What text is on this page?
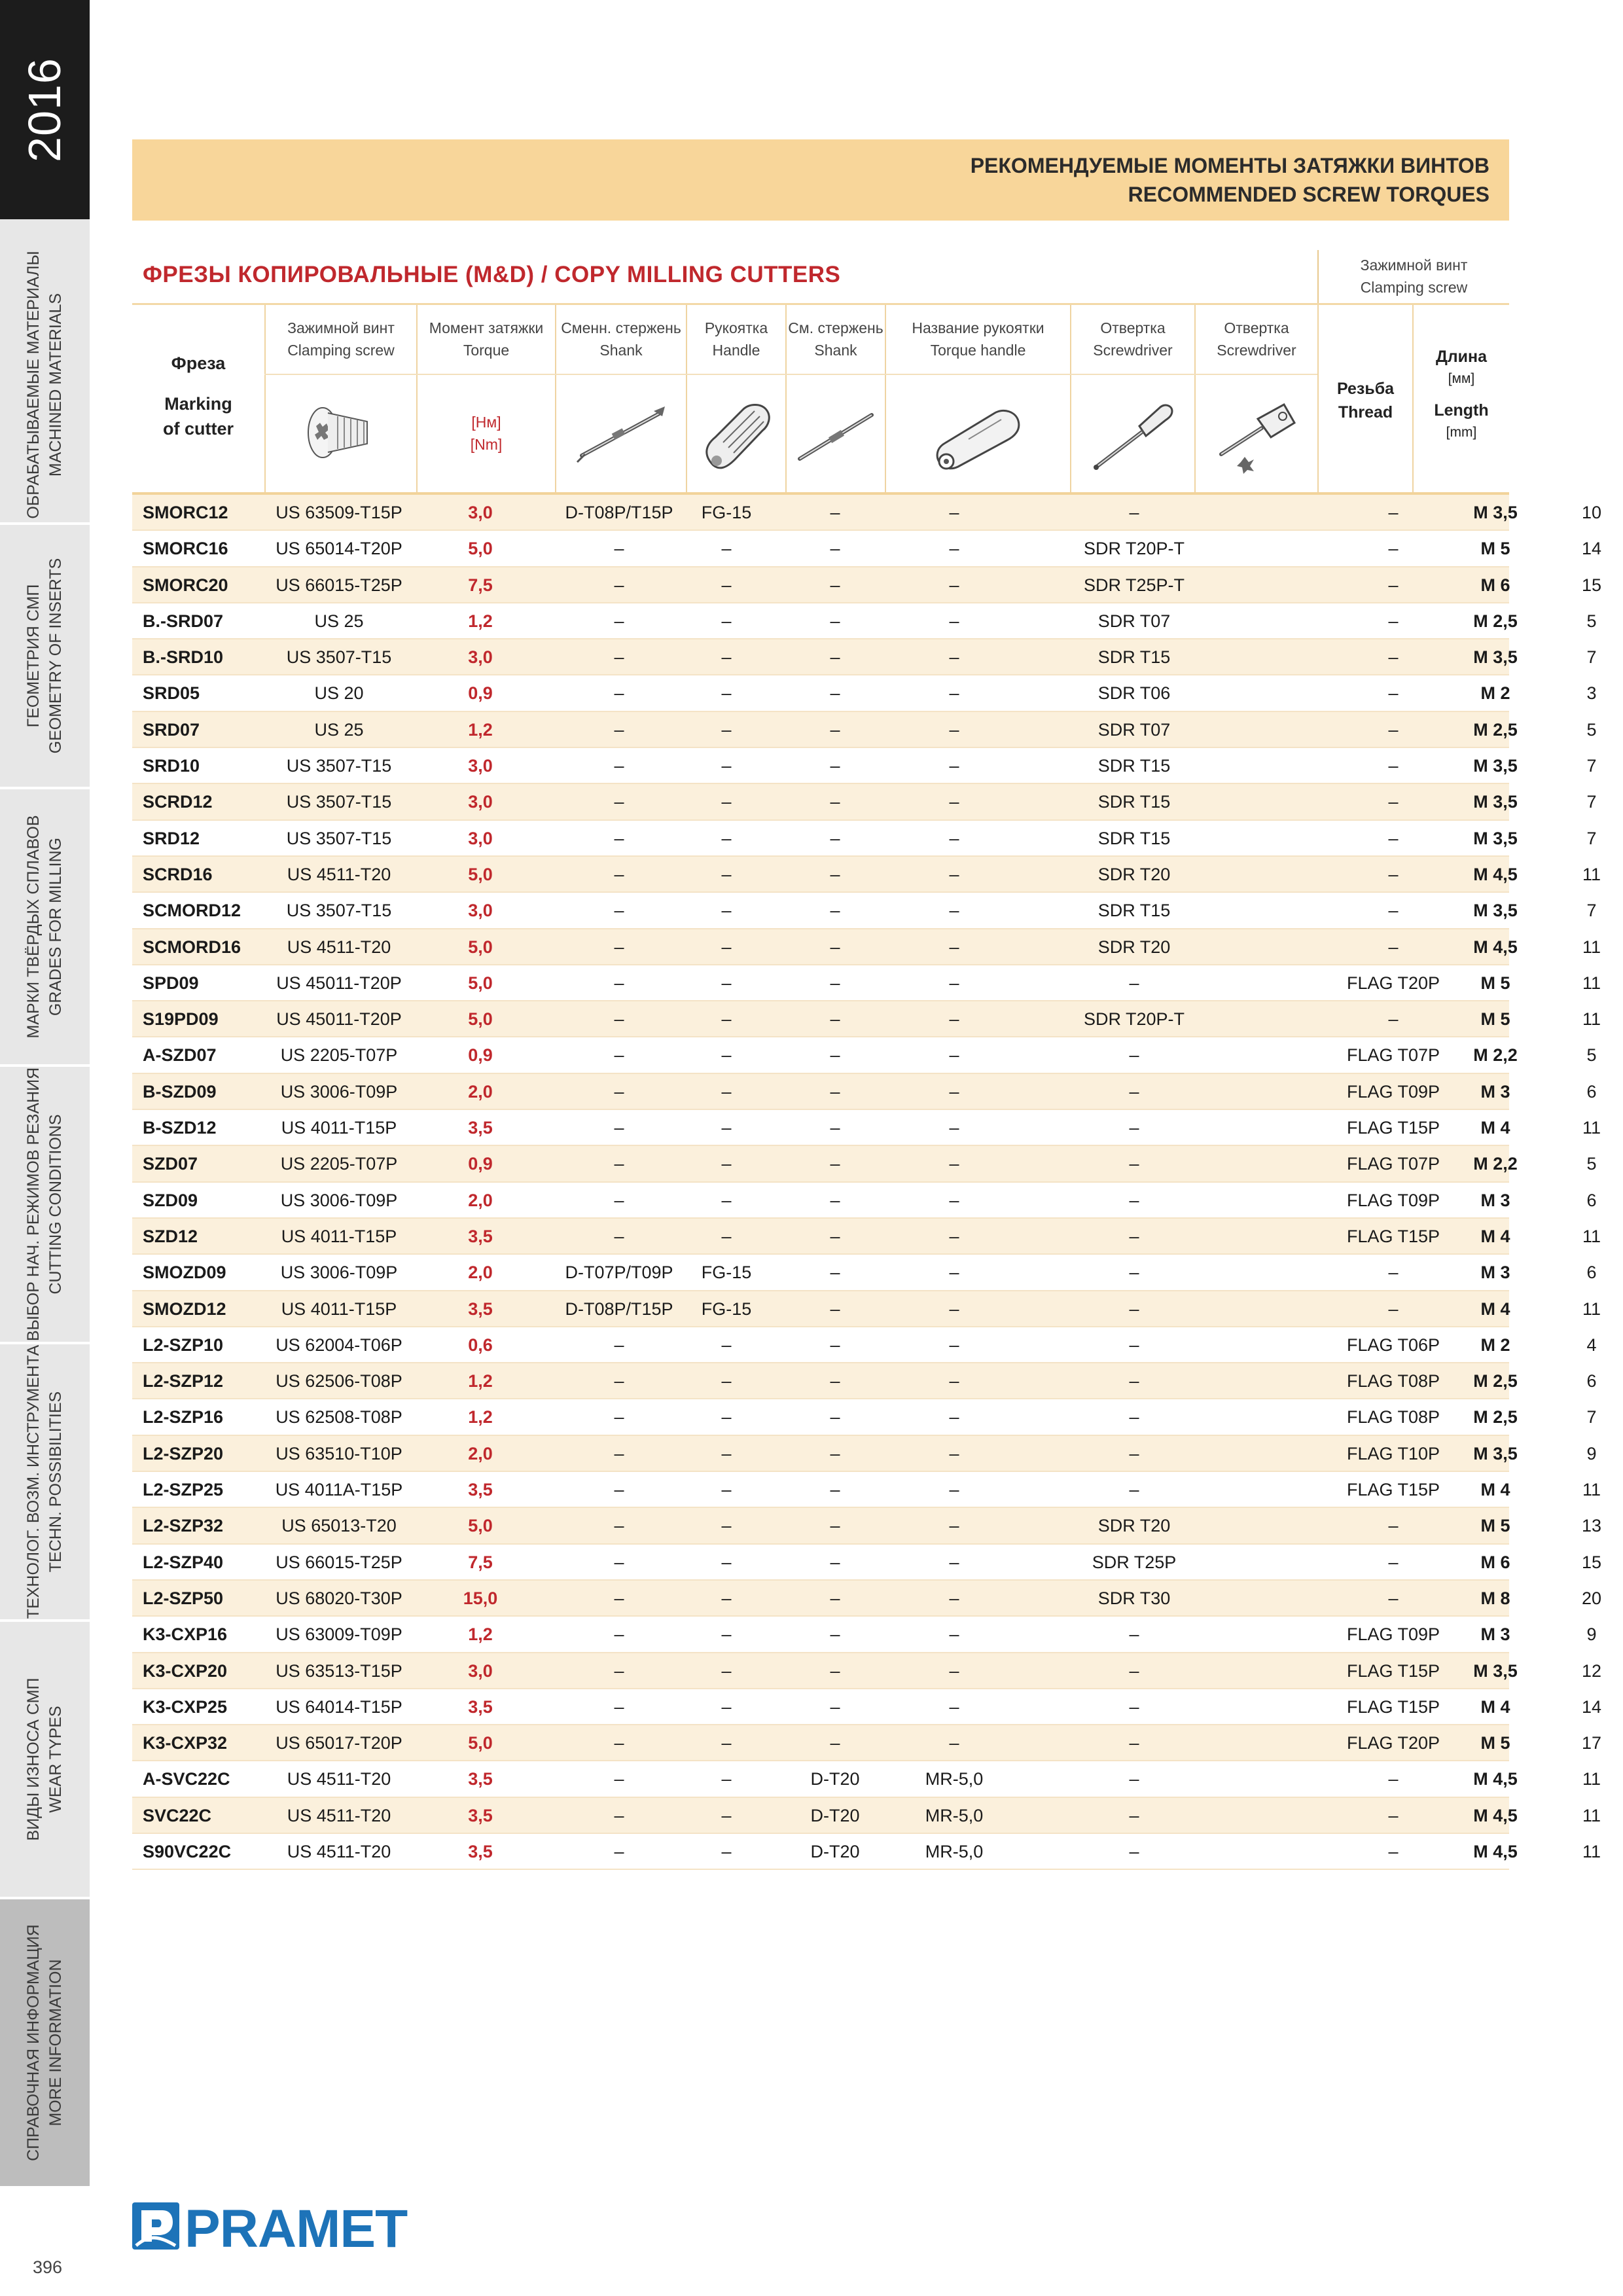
2016
ОБРАБАТЫВАЕМЫЕ МАТЕРИАЛЫ MACHINED MATERIALS
ГЕОМЕТРИЯ СМП GEOMETRY OF INSERTS
МАРКИ ТВЁРДЫХ СПЛАВОВ GRADES FOR MILLING
ВЫБОР НАЧ. РЕЖИМОВ РЕЗАНИЯ CUTTING CONDITIONS
ТЕХНОЛОГ. ВОЗМ. ИНСТРУМЕНТА TECHN. POSSIBILITIES
ВИДЫ ИЗНОСА СМП WEAR TYPES
СПРАВОЧНАЯ ИНФОРМАЦИЯ MORE INFORMATION
РЕКОМЕНДУЕМЫЕ МОМЕНТЫ ЗАТЯЖКИ ВИНТОВ
RECOMMENDED SCREW TORQUES
ФРЕЗЫ КОПИРОВАЛЬНЫЕ (M&D) / COPY MILLING CUTTERS	Зажимной винт
Clamping screw
Фреза
Marking
of cutter
Зажимной винт
Clamping screw
Момент затяжки
Torque
[Нм]
[Nm]
Сменн. стержень
Shank
Рукоятка
Handle
См. стержень
Shank
Название рукоятки
Torque handle
Отвертка
Screwdriver
Отвертка
Screwdriver
Резьба
Thread
Длина
[мм]
Length
[mm]
SMORC12	US 63509-T15P	3,0	D-T08P/T15P	FG-15	–	–	–	–	M 3,5	10
SMORC16	US 65014-T20P	5,0	–	–	–	–	SDR T20P-T	–	M 5	14
SMORC20	US 66015-T25P	7,5	–	–	–	–	SDR T25P-T	–	M 6	15
B.-SRD07	US 25	1,2	–	–	–	–	SDR T07	–	M 2,5	5
B.-SRD10	US 3507-T15	3,0	–	–	–	–	SDR T15	–	M 3,5	7
SRD05	US 20	0,9	–	–	–	–	SDR T06	–	M 2	3
SRD07	US 25	1,2	–	–	–	–	SDR T07	–	M 2,5	5
SRD10	US 3507-T15	3,0	–	–	–	–	SDR T15	–	M 3,5	7
SCRD12	US 3507-T15	3,0	–	–	–	–	SDR T15	–	M 3,5	7
SRD12	US 3507-T15	3,0	–	–	–	–	SDR T15	–	M 3,5	7
SCRD16	US 4511-T20	5,0	–	–	–	–	SDR T20	–	M 4,5	11
SCMORD12	US 3507-T15	3,0	–	–	–	–	SDR T15	–	M 3,5	7
SCMORD16	US 4511-T20	5,0	–	–	–	–	SDR T20	–	M 4,5	11
SPD09	US 45011-T20P	5,0	–	–	–	–	–	FLAG T20P	M 5	11
S19PD09	US 45011-T20P	5,0	–	–	–	–	SDR T20P-T	–	M 5	11
A-SZD07	US 2205-T07P	0,9	–	–	–	–	–	FLAG T07P	M 2,2	5
B-SZD09	US 3006-T09P	2,0	–	–	–	–	–	FLAG T09P	M 3	6
B-SZD12	US 4011-T15P	3,5	–	–	–	–	–	FLAG T15P	M 4	11
SZD07	US 2205-T07P	0,9	–	–	–	–	–	FLAG T07P	M 2,2	5
SZD09	US 3006-T09P	2,0	–	–	–	–	–	FLAG T09P	M 3	6
SZD12	US 4011-T15P	3,5	–	–	–	–	–	FLAG T15P	M 4	11
SMOZD09	US 3006-T09P	2,0	D-T07P/T09P	FG-15	–	–	–	–	M 3	6
SMOZD12	US 4011-T15P	3,5	D-T08P/T15P	FG-15	–	–	–	–	M 4	11
L2-SZP10	US 62004-T06P	0,6	–	–	–	–	–	FLAG T06P	M 2	4
L2-SZP12	US 62506-T08P	1,2	–	–	–	–	–	FLAG T08P	M 2,5	6
L2-SZP16	US 62508-T08P	1,2	–	–	–	–	–	FLAG T08P	M 2,5	7
L2-SZP20	US 63510-T10P	2,0	–	–	–	–	–	FLAG T10P	M 3,5	9
L2-SZP25	US 4011A-T15P	3,5	–	–	–	–	–	FLAG T15P	M 4	11
L2-SZP32	US 65013-T20	5,0	–	–	–	–	SDR T20	–	M 5	13
L2-SZP40	US 66015-T25P	7,5	–	–	–	–	SDR T25P	–	M 6	15
L2-SZP50	US 68020-T30P	15,0	–	–	–	–	SDR T30	–	M 8	20
K3-CXP16	US 63009-T09P	1,2	–	–	–	–	–	FLAG T09P	M 3	9
K3-CXP20	US 63513-T15P	3,0	–	–	–	–	–	FLAG T15P	M 3,5	12
K3-CXP25	US 64014-T15P	3,5	–	–	–	–	–	FLAG T15P	M 4	14
K3-CXP32	US 65017-T20P	5,0	–	–	–	–	–	FLAG T20P	M 5	17
A-SVC22C	US 4511-T20	3,5	–	–	D-T20	MR-5,0	–	–	M 4,5	11
SVC22C	US 4511-T20	3,5	–	–	D-T20	MR-5,0	–	–	M 4,5	11
S90VC22C	US 4511-T20	3,5	–	–	D-T20	MR-5,0	–	–	M 4,5	11
PRAMET
396
